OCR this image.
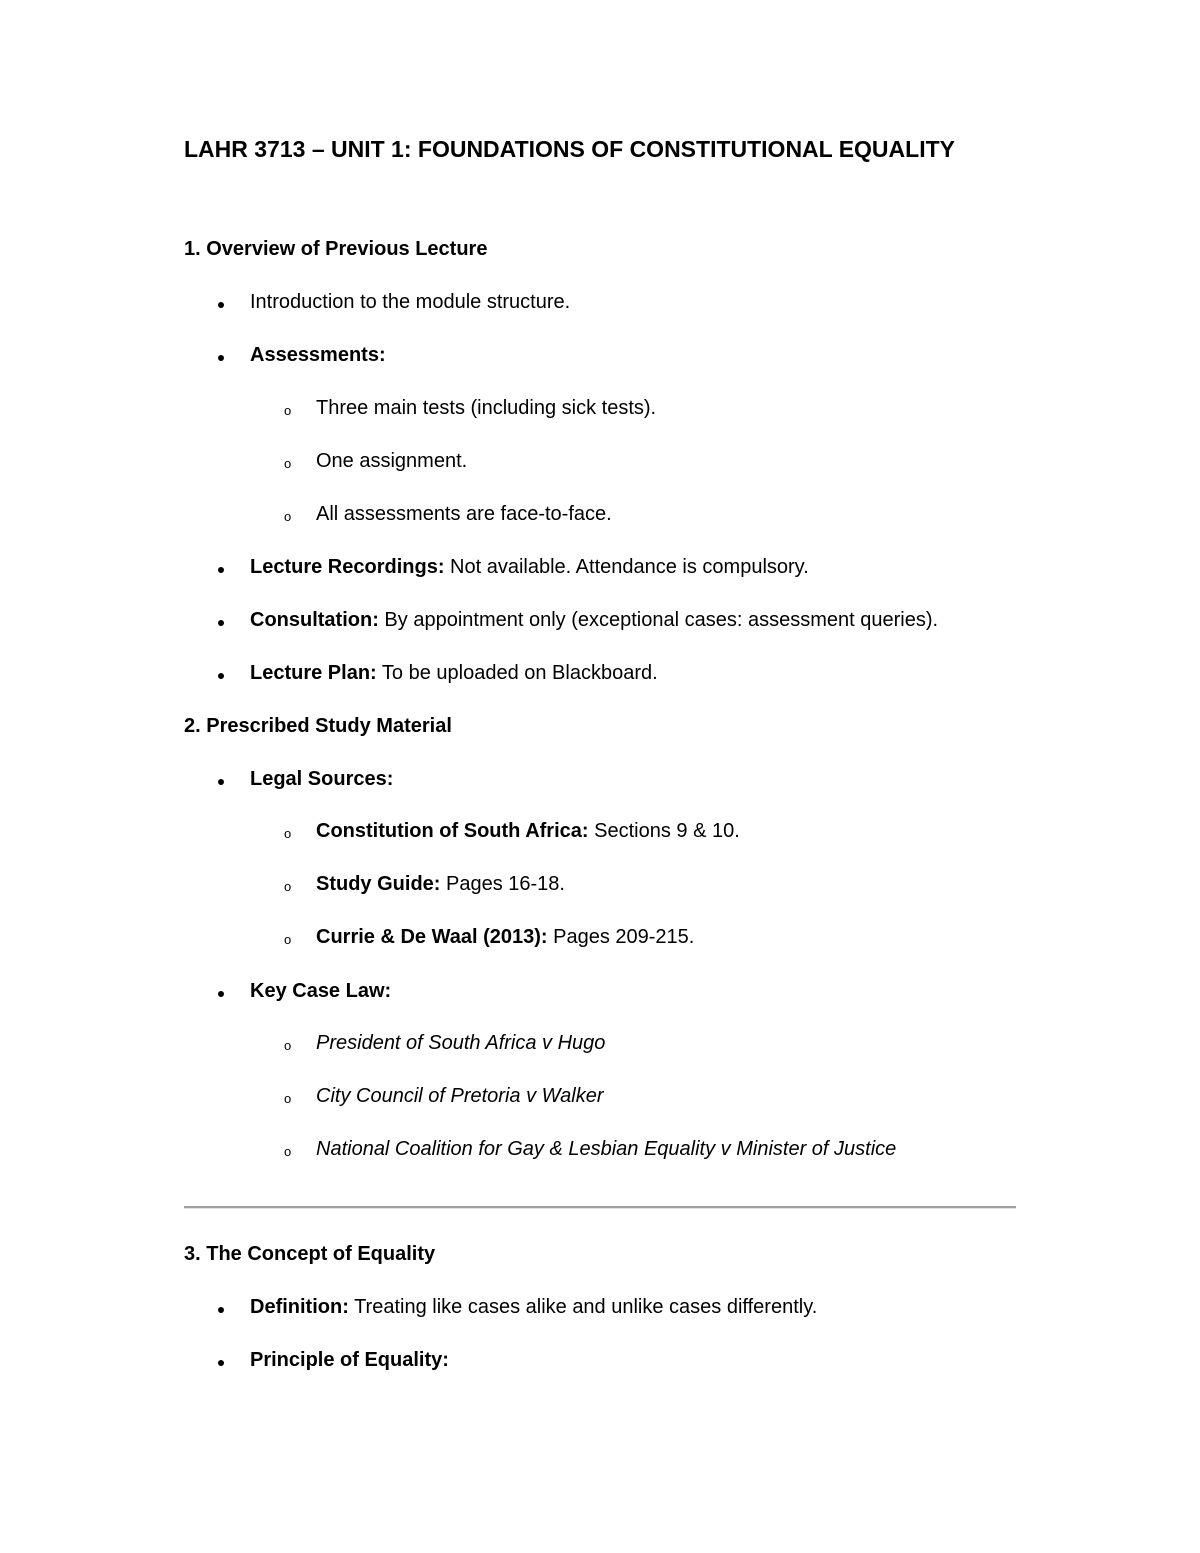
LAHR 3713 – UNIT 1: FOUNDATIONS OF CONSTITUTIONAL EQUALITY
1. Overview of Previous Lecture
Introduction to the module structure.
Assessments:
o Three main tests (including sick tests).
o One assignment.
o All assessments are face-to-face.
Lecture Recordings: Not available. Attendance is compulsory.
Consultation: By appointment only (exceptional cases: assessment queries).
Lecture Plan: To be uploaded on Blackboard.
2. Prescribed Study Material
Legal Sources:
o Constitution of South Africa: Sections 9 & 10.
o Study Guide: Pages 16-18.
o Currie & De Waal (2013): Pages 209-215.
Key Case Law:
o President of South Africa v Hugo
o City Council of Pretoria v Walker
o National Coalition for Gay & Lesbian Equality v Minister of Justice
3. The Concept of Equality
Definition: Treating like cases alike and unlike cases differently.
Principle of Equality:
